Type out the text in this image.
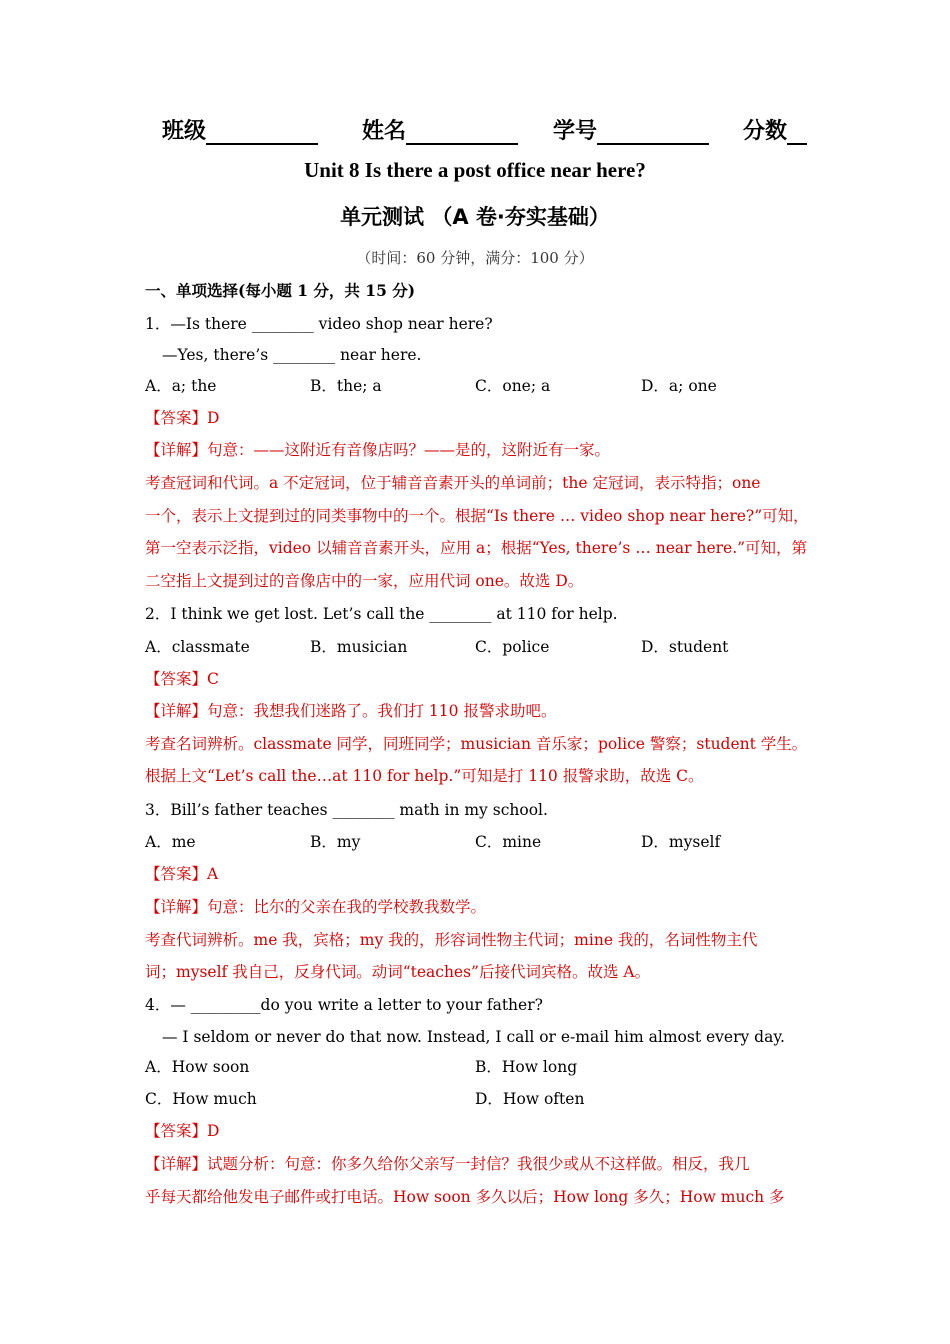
班级	姓名	学号	分数
Unit 8 Is there a post office near here?
单元测试 （A 卷·夯实基础）
（时间：60 分钟，满分：100 分）
一、单项选择(每小题 1 分，共 15 分)
1．—Is there ________ video shop near here?
—Yes, there’s ________ near here.
A．a; the	B．the; a	C．one; a	D．a; one
【答案】D
【详解】句意：——这附近有音像店吗？——是的，这附近有一家。
考查冠词和代词。a 不定冠词，位于辅音音素开头的单词前；the 定冠词，表示特指；one
一个，表示上文提到过的同类事物中的一个。根据“Is there … video shop near here?”可知，
第一空表示泛指，video 以辅音音素开头，应用 a；根据“Yes, there’s … near here.”可知，第
二空指上文提到过的音像店中的一家，应用代词 one。故选 D。
2．I think we get lost. Let’s call the ________ at 110 for help.
A．classmate	B．musician	C．police	D．student
【答案】C
【详解】句意：我想我们迷路了。我们打 110 报警求助吧。
考查名词辨析。classmate 同学，同班同学；musician 音乐家；police 警察；student 学生。
根据上文“Let’s call the…at 110 for help.”可知是打 110 报警求助，故选 C。
3．Bill’s father teaches ________ math in my school.
A．me	B．my	C．mine	D．myself
【答案】A
【详解】句意：比尔的父亲在我的学校教我数学。
考查代词辨析。me 我，宾格；my 我的，形容词性物主代词；mine 我的，名词性物主代
词；myself 我自己，反身代词。动词“teaches”后接代词宾格。故选 A。
4．— _________do you write a letter to your father?
— I seldom or never do that now. Instead, I call or e-mail him almost every day.
A．How soon	B．How long
C．How much	D．How often
【答案】D
【详解】试题分析：句意：你多久给你父亲写一封信？我很少或从不这样做。相反，我几
乎每天都给他发电子邮件或打电话。How soon 多久以后；How long 多久；How much 多
